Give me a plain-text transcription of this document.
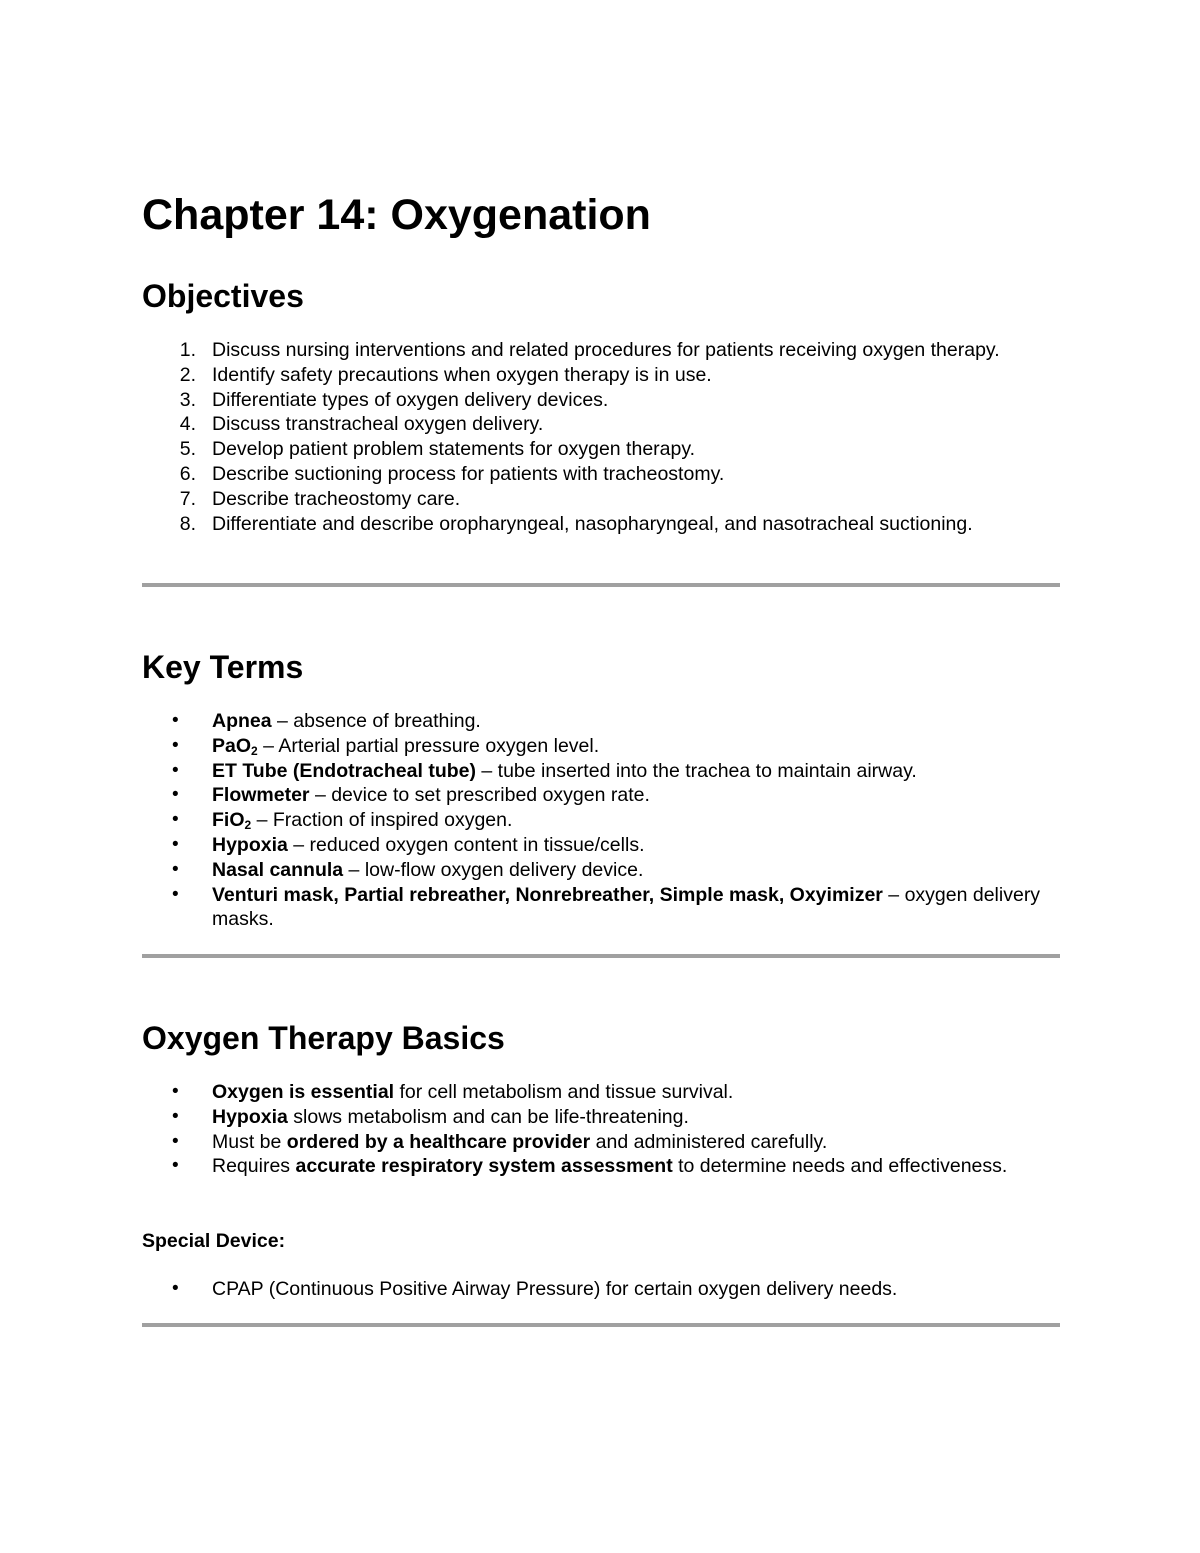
Chapter 14: Oxygenation
Objectives
1. Discuss nursing interventions and related procedures for patients receiving oxygen therapy.
2. Identify safety precautions when oxygen therapy is in use.
3. Differentiate types of oxygen delivery devices.
4. Discuss transtracheal oxygen delivery.
5. Develop patient problem statements for oxygen therapy.
6. Describe suctioning process for patients with tracheostomy.
7. Describe tracheostomy care.
8. Differentiate and describe oropharyngeal, nasopharyngeal, and nasotracheal suctioning.
Key Terms
• Apnea – absence of breathing.
• PaO$_2$ – Arterial partial pressure oxygen level.
• ET Tube (Endotracheal tube) – tube inserted into the trachea to maintain airway.
• Flowmeter – device to set prescribed oxygen rate.
• FiO$_2$ – Fraction of inspired oxygen.
• Hypoxia – reduced oxygen content in tissue/cells.
• Nasal cannula – low-flow oxygen delivery device.
• Venturi mask, Partial rebreather, Nonrebreather, Simple mask, Oxyimizer – oxygen delivery masks.
Oxygen Therapy Basics
• Oxygen is essential for cell metabolism and tissue survival.
• Hypoxia slows metabolism and can be life-threatening.
• Must be ordered by a healthcare provider and administered carefully.
• Requires accurate respiratory system assessment to determine needs and effectiveness.

Special Device:

• CPAP (Continuous Positive Airway Pressure) for certain oxygen delivery needs.
